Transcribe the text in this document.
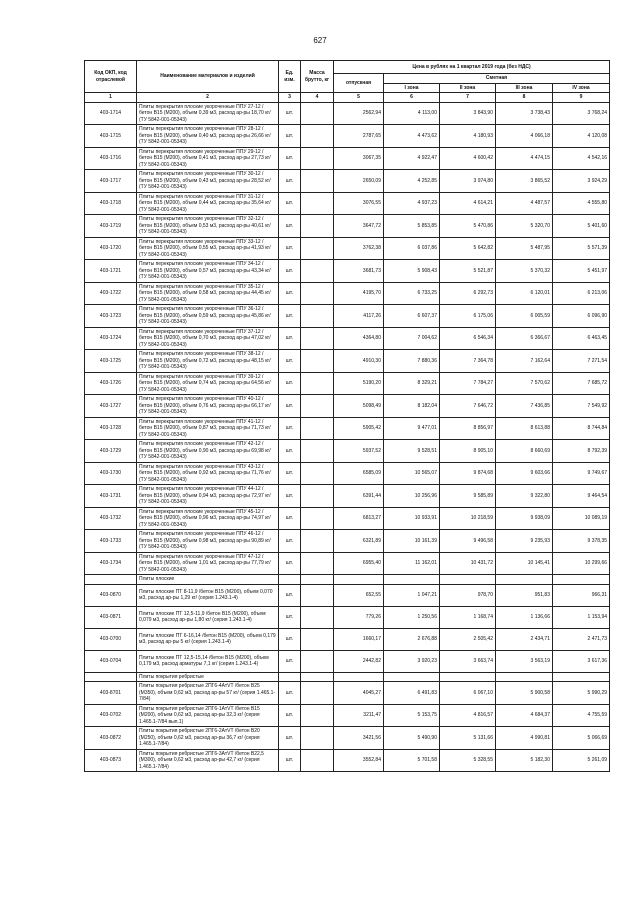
627
Код ОКП, код отраслевой	Наименование материалов и изделий	Ед. изм.	Масса брутто, кг	Цена в рублях на 1 квартал 2019 года (без НДС)				
				отпускная	Сметная			
					I зона	II зона	III зона	IV зона
1	2	3	4	5	6	7	8	9
403-1714	Плиты перекрытия плоские укороченные ППУ 27-12 /бетон В15 (М200), объем 0,39 м3, расход ар-ры 18,70 кг/ (ТУ 5842-001-05343)	шт.		2562,94	4 113,00	3 843,90	3 738,43	3 768,24
403-1715	Плиты перекрытия плоские укороченные ППУ 28-12 /бетон В15 (М200), объем 0,40 м3, расход ар-ры 26,66 кг/ (ТУ 5842-001-05343)	шт.		2787,65	4 473,62	4 180,93	4 066,18	4 120,08
403-1716	Плиты перекрытия плоские укороченные ППУ 29-12 /бетон В15 (М200), объем 0,41 м3, расход ар-ры 27,73 кг/ (ТУ 5842-001-05343)	шт.		3067,35	4 922,47	4 600,42	4 474,15	4 542,16
403-1717	Плиты перекрытия плоские укороченные ППУ 30-12 /бетон В15 (М200), объем 0,43 м3, расход ар-ры 28,52 кг/ (ТУ 5842-001-05343)	шт.		2650,09	4 252,85	3 974,80	3 865,52	3 924,29
403-1718	Плиты перекрытия плоские укороченные ППУ 31-12 /бетон В15 (М200), объем 0,44 м3, расход ар-ры 35,64 кг/ (ТУ 5842-001-05343)	шт.		3076,55	4 937,23	4 614,21	4 487,57	4 555,80
403-1719	Плиты перекрытия плоские укороченные ППУ 32-12 /бетон В15 (М200), объем 0,53 м3, расход ар-ры 40,61 кг/ (ТУ 5842-001-05343)	шт.		3647,72	5 853,85	5 470,86	5 320,70	5 401,60
403-1720	Плиты перекрытия плоские укороченные ППУ 33-12 /бетон В15 (М200), объем 0,55 м3, расход ар-ры 41,93 кг/ (ТУ 5842-001-05343)	шт.		3762,38	6 037,86	5 642,82	5 487,95	5 571,39
403-1721	Плиты перекрытия плоские укороченные ППУ 34-12 /бетон В15 (М200), объем 0,57 м3, расход ар-ры 43,34 кг/ (ТУ 5842-001-05343)	шт.		3681,73	5 908,43	5 521,87	5 370,32	5 451,97
403-1722	Плиты перекрытия плоские укороченные ППУ 35-12 /бетон В15 (М200), объем 0,58 м3, расход ар-ры 44,45 кг/ (ТУ 5842-001-05343)	шт.		4195,70	6 733,25	6 292,73	6 120,01	6 213,06
403-1723	Плиты перекрытия плоские укороченные ППУ 36-12 /бетон В15 (М200), объем 0,59 м3, расход ар-ры 45,86 кг/ (ТУ 5842-001-05343)	шт.		4117,26	6 607,37	6 175,06	6 005,59	6 096,90
403-1724	Плиты перекрытия плоские укороченные ППУ 37-12 /бетон В15 (М200), объем 0,70 м3, расход ар-ры 47,02 кг/ (ТУ 5842-001-05343)	шт.		4364,80	7 004,62	6 546,34	6 366,67	6 463,45
403-1725	Плиты перекрытия плоские укороченные ППУ 38-12 /бетон В15 (М200), объем 0,72 м3, расход ар-ры 48,15 кг/ (ТУ 5842-001-05343)	шт.		4910,30	7 880,36	7 364,78	7 162,64	7 271,54
403-1726	Плиты перекрытия плоские укороченные ППУ 39-12 /бетон В15 (М200), объем 0,74 м3, расход ар-ры 64,56 кг/ (ТУ 5842-001-05343)	шт.		5190,20	8 329,21	7 784,27	7 570,62	7 685,72
403-1727	Плиты перекрытия плоские укороченные ППУ 40-12 /бетон В15 (М200), объем 0,76 м3, расход ар-ры 66,17 кг/ (ТУ 5842-001-05343)	шт.		5098,49	8 182,04	7 646,72	7 436,85	7 549,92
403-1728	Плиты перекрытия плоские укороченные ППУ 41-12 /бетон В15 (М200), объем 0,87 м3, расход ар-ры 71,73 кг/ (ТУ 5842-001-05343)	шт.		5905,42	9 477,01	8 856,97	8 613,88	8 744,84
403-1729	Плиты перекрытия плоские укороченные ППУ 42-12 /бетон В15 (М200), объем 0,90 м3, расход ар-ры 69,98 кг/ (ТУ 5842-001-05343)	шт.		5937,52	9 528,51	8 905,10	8 660,69	8 792,39
403-1730	Плиты перекрытия плоские укороченные ППУ 43-12 /бетон В15 (М200), объем 0,92 м3, расход ар-ры 71,76 кг/ (ТУ 5842-001-05343)	шт.		6585,09	10 565,07	9 874,68	9 603,66	9 749,67
403-1731	Плиты перекрытия плоские укороченные ППУ 44-12 /бетон В15 (М200), объем 0,94 м3, расход ар-ры 72,97 кг/ (ТУ 5842-001-05343)	шт.		6391,44	10 256,96	9 585,89	9 322,80	9 464,54
403-1732	Плиты перекрытия плоские укороченные ППУ 45-12 /бетон В15 (М200), объем 0,96 м3, расход ар-ры 74,97 кг/ (ТУ 5842-001-05343)	шт.		6813,27	10 933,91	10 218,59	9 938,09	10 089,19
403-1733	Плиты перекрытия плоские укороченные ППУ 46-12 /бетон В15 (М200), объем 0,98 м3, расход ар-ры 90,89 кг/ (ТУ 5842-001-05343)	шт.		6321,89	10 161,39	9 496,58	9 235,93	9 378,35
403-1734	Плиты перекрытия плоские укороченные ППУ 47-12 /бетон В15 (М200), объем 1,01 м3, расход ар-ры 77,79 кг/ (ТУ 5842-001-05343)	шт.		6955,40	11 162,01	10 431,72	10 145,41	10 299,66
	Плиты плоские							
403-0870	Плиты плоские ПТ 8-11,9 /бетон В15 (М200), объем 0,070 м3, расход ар-ры 1,29 кг/ (серия 1.243.1-4)	шт.		652,55	1 047,21	978,70	951,83	966,31
403-0871	Плиты плоские ПТ 12,5-11,9 /бетон В15 (М200), объем 0,079 м3, расход ар-ры 1,80 кг/ (серия 1.243.1-4)	шт.		779,26	1 250,56	1 168,74	1 136,66	1 153,94
403-0700	Плиты плоские ПТ 6-16,14 /бетон В15 (М200), объем 0,179 м3, расход ар-ры 5 кг/ (серия 1.243.1-4)	шт.		1660,17	2 676,88	2 505,42	2 434,71	2 471,73
403-0704	Плиты плоские ПТ 12,5-15,14 /бетон В15 (М200), объем 0,179 м3, расход арматуры 7,1 кг/ (серия 1.243.1-4)	шт.		2442,82	3 920,23	3 663,74	3 563,19	3 617,36
	Плиты покрытия ребристые							
403-8701	Плиты покрытия ребристые 2ПГ6-4АтVТ /бетон В25 (М350), объем 0,62 м3, расход ар-ры 57 кг/ (серия 1.465.1-7/84)	шт.		4045,27	6 491,83	6 067,10	5 900,58	5 990,29
403-0702	Плиты покрытия ребристые 2ПГ6-1АтVТ /бетон В15 (М200), объем 0,62 м3, расход ар-ры 32,3 кг/ (серия 1.465.1-7/84 вып.1)	шт.		3211,47	5 153,75	4 816,57	4 684,37	4 755,59
403-0872	Плиты покрытия ребристые 2ПГ6-2АтVТ /бетон В20 (М250), объем 0,62 м3, расход ар-ры 36,7 кг/ (серия 1.465.1-7/84)	шт.		3421,56	5 490,90	5 131,66	4 990,81	5 066,69
403-0873	Плиты покрытия ребристые 2ПГ6-3АтVТ /бетон В22,5 (М300), объем 0,62 м3, расход ар-ры 42,7 кг/ (серия 1.465.1-7/84)	шт.		3552,84	5 701,58	5 328,55	5 182,30	5 261,09
